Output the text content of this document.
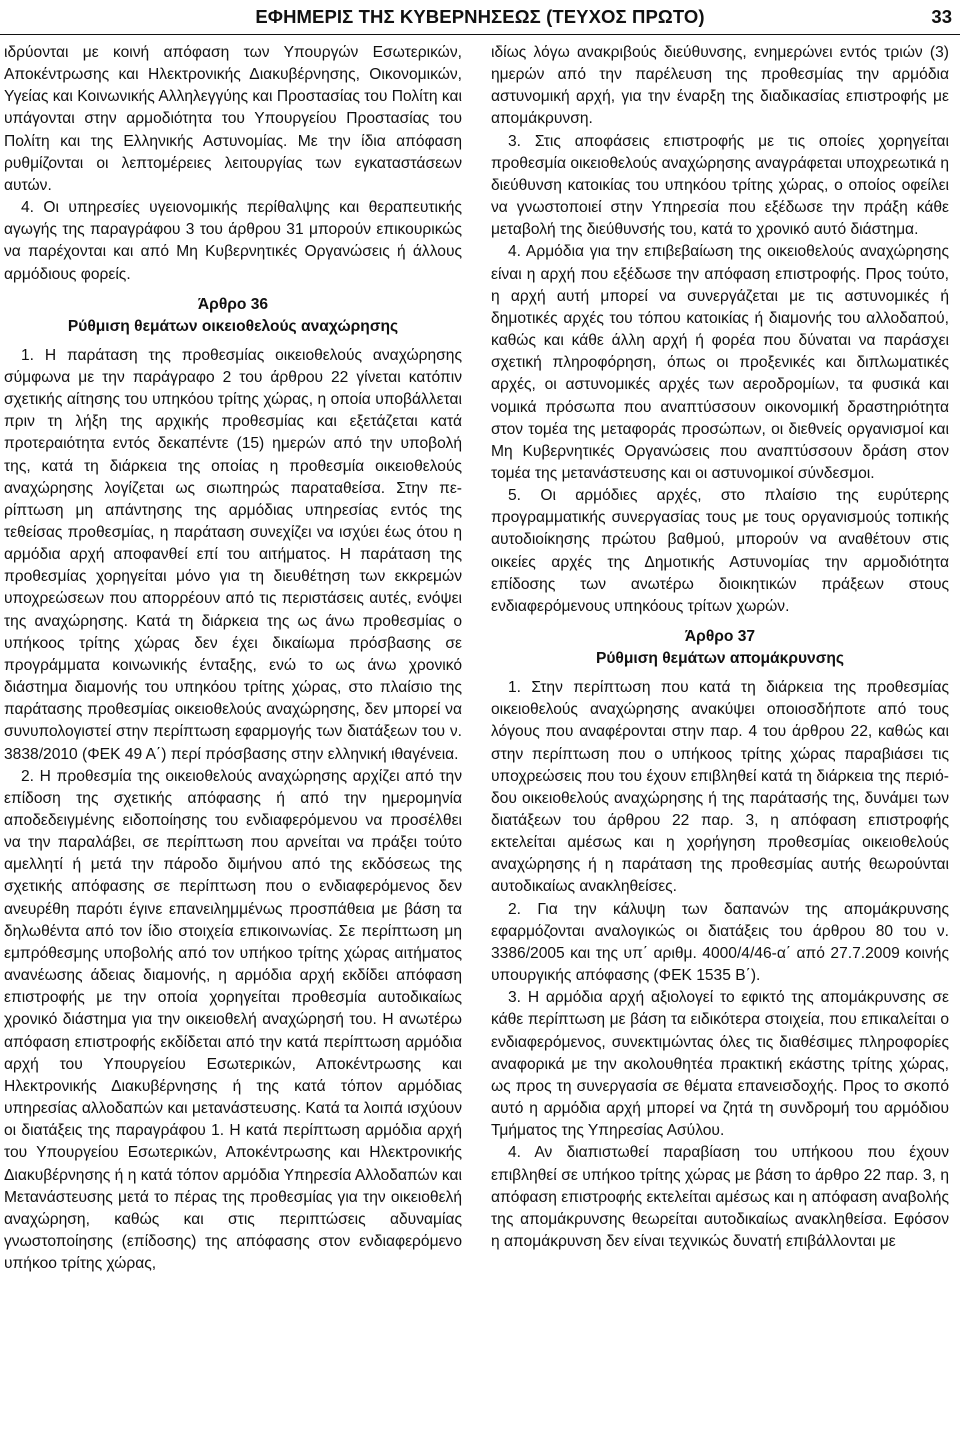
ΕΦΗΜΕΡΙΣ ΤΗΣ ΚΥΒΕΡΝΗΣΕΩΣ (ΤΕΥΧΟΣ ΠΡΩΤΟ)	33

ιδρύονται με κοινή απόφαση των Υπουργών Εσωτερικών, Αποκέντρωσης και Ηλεκτρονικής Διακυβέρνησης, Οικονομικών, Υγείας και Κοινωνικής Αλληλεγγύης και Προστασίας του Πολίτη και υπάγονται στην αρμοδιότητα του Υπουργείου Προστασίας του Πολίτη και της Ελληνικής Αστυνομίας. Με την ίδια απόφαση ρυθμίζονται οι λεπτομέρειες λειτουργίας των εγκαταστάσεων αυτών.

4. Οι υπηρεσίες υγειονομικής περίθαλψης και θεραπευτικής αγωγής της παραγράφου 3 του άρθρου 31 μπορούν επικουρικώς να παρέχονται και από Μη Κυβερνητικές Οργανώσεις ή άλλους αρμόδιους φορείς.

Άρθρο 36
Ρύθμιση θεμάτων οικειοθελούς αναχώρησης

1. Η παράταση της προθεσμίας οικειοθελούς αναχώρησης σύμφωνα με την παράγραφο 2 του άρθρου 22 γίνεται κατόπιν σχετικής αίτησης του υπηκόου τρίτης χώρας, η οποία υποβάλλεται πριν τη λήξη της αρχικής προθεσμίας και εξετάζεται κατά προτεραιότητα εντός δεκαπέντε (15) ημερών από την υποβολή της, κατά τη διάρκεια της οποίας η προθεσμία οικειοθελούς αναχώρησης λογίζεται ως σιωπηρώς παραταθείσα. Στην περίπτωση μη απάντησης της αρμόδιας υπηρεσίας εντός της τεθείσας προθεσμίας, η παράταση συνεχίζει να ισχύει έως ότου η αρμόδια αρχή αποφανθεί επί του αιτήματος. Η παράταση της προθεσμίας χορηγείται μόνο για τη διευθέτηση των εκκρεμών υποχρεώσεων που απορρέουν από τις περιστάσεις αυτές, ενόψει της αναχώρησης. Κατά τη διάρκεια της ως άνω προθεσμίας ο υπήκοος τρίτης χώρας δεν έχει δικαίωμα πρόσβασης σε προγράμματα κοινωνικής ένταξης, ενώ το ως άνω χρονικό διάστημα διαμονής του υπηκόου τρίτης χώρας, στο πλαίσιο της παράτασης προθεσμίας οικειοθελούς αναχώρησης, δεν μπορεί να συνυπολογιστεί στην περίπτωση εφαρμογής των διατάξεων του ν. 3838/2010 (ΦΕΚ 49 Α΄) περί πρόσβασης στην ελληνική ιθαγένεια.

2. Η προθεσμία της οικειοθελούς αναχώρησης αρχίζει από την επίδοση της σχετικής απόφασης ή από την ημερομηνία αποδεδειγμένης ειδοποίησης του ενδιαφερόμενου να προσέλθει να την παραλάβει, σε περίπτωση που αρνείται να πράξει τούτο αμελλητί ή μετά την πάροδο διμήνου από της εκδόσεως της σχετικής απόφασης σε περίπτωση που ο ενδιαφερόμενος δεν ανευρέθη παρότι έγινε επανειλημμένως προσπάθεια με βάση τα δηλωθέντα από τον ίδιο στοιχεία επικοινωνίας. Σε περίπτωση μη εμπρόθεσμης υποβολής από τον υπήκοο τρίτης χώρας αιτήματος ανανέωσης άδειας διαμονής, η αρμόδια αρχή εκδίδει απόφαση επιστροφής με την οποία χορηγείται προθεσμία αυτοδικαίως χρονικό διάστημα για την οικειοθελή αναχώρησή του. Η ανωτέρω απόφαση επιστροφής εκδίδεται από την κατά περίπτωση αρμόδια αρχή του Υπουργείου Εσωτερικών, Αποκέντρωσης και Ηλεκτρονικής Διακυβέρνησης ή της κατά τόπον αρμόδιας υπηρεσίας αλλοδαπών και μετανάστευσης. Κατά τα λοιπά ισχύουν οι διατάξεις της παραγράφου 1. Η κατά περίπτωση αρμόδια αρχή του Υπουργείου Εσωτερικών, Αποκέντρωσης και Ηλεκτρονικής Διακυβέρνησης ή η κατά τόπον αρμόδια Υπηρεσία Αλλοδαπών και Μετανάστευσης μετά το πέρας της προθεσμίας για την οικειοθελή αναχώρηση, καθώς και στις περιπτώσεις αδυναμίας γνωστοποίησης (επίδοσης) της απόφασης στον ενδιαφερόμενο υπήκοο τρίτης χώρας,

ιδίως λόγω ανακριβούς διεύθυνσης, ενημερώνει εντός τριών (3) ημερών από την παρέλευση της προθεσμίας την αρμόδια αστυνομική αρχή, για την έναρξη της διαδικασίας επιστροφής με απομάκρυνση.

3. Στις αποφάσεις επιστροφής με τις οποίες χορηγείται προθεσμία οικειοθελούς αναχώρησης αναγράφεται υποχρεωτικά η διεύθυνση κατοικίας του υπηκόου τρίτης χώρας, ο οποίος οφείλει να γνωστοποιεί στην Υπηρεσία που εξέδωσε την πράξη κάθε μεταβολή της διεύθυνσής του, κατά το χρονικό αυτό διάστημα.

4. Αρμόδια για την επιβεβαίωση της οικειοθελούς αναχώρησης είναι η αρχή που εξέδωσε την απόφαση επιστροφής. Προς τούτο, η αρχή αυτή μπορεί να συνεργάζεται με τις αστυνομικές ή δημοτικές αρχές του τόπου κατοικίας ή διαμονής του αλλοδαπού, καθώς και κάθε άλλη αρχή ή φορέα που δύναται να παράσχει σχετική πληροφόρηση, όπως οι προξενικές και διπλωματικές αρχές, οι αστυνομικές αρχές των αεροδρομίων, τα φυσικά και νομικά πρόσωπα που αναπτύσσουν οικονομική δραστηριότητα στον τομέα της μεταφοράς προσώπων, οι διεθνείς οργανισμοί και Μη Κυβερνητικές Οργανώσεις που αναπτύσσουν δράση στον τομέα της μετανάστευσης και οι αστυνομικοί σύνδεσμοι.

5. Οι αρμόδιες αρχές, στο πλαίσιο της ευρύτερης προγραμματικής συνεργασίας τους με τους οργανισμούς τοπικής αυτοδιοίκησης πρώτου βαθμού, μπορούν να αναθέτουν στις οικείες αρχές της Δημοτικής Αστυνομίας την αρμοδιότητα επίδοσης των ανωτέρω διοικητικών πράξεων στους ενδιαφερόμενους υπηκόους τρίτων χωρών.

Άρθρο 37
Ρύθμιση θεμάτων απομάκρυνσης

1. Στην περίπτωση που κατά τη διάρκεια της προθεσμίας οικειοθελούς αναχώρησης ανακύψει οποιοσδήποτε από τους λόγους που αναφέρονται στην παρ. 4 του άρθρου 22, καθώς και στην περίπτωση που ο υπήκοος τρίτης χώρας παραβιάσει τις υποχρεώσεις που του έχουν επιβληθεί κατά τη διάρκεια της περιόδου οικειοθελούς αναχώρησης ή της παράτασής της, δυνάμει των διατάξεων του άρθρου 22 παρ. 3, η απόφαση επιστροφής εκτελείται αμέσως και η χορήγηση προθεσμίας οικειοθελούς αναχώρησης ή η παράταση της προθεσμίας αυτής θεωρούνται αυτοδικαίως ανακληθείσες.

2. Για την κάλυψη των δαπανών της απομάκρυνσης εφαρμόζονται αναλογικώς οι διατάξεις του άρθρου 80 του ν. 3386/2005 και της υπ΄ αριθμ. 4000/4/46-α΄ από 27.7.2009 κοινής υπουργικής απόφασης (ΦΕΚ 1535 Β΄).

3. Η αρμόδια αρχή αξιολογεί το εφικτό της απομάκρυνσης σε κάθε περίπτωση με βάση τα ειδικότερα στοιχεία, που επικαλείται ο ενδιαφερόμενος, συνεκτιμώντας όλες τις διαθέσιμες πληροφορίες αναφορικά με την ακολουθητέα πρακτική εκάστης τρίτης χώρας, ως προς τη συνεργασία σε θέματα επανεισδοχής. Προς το σκοπό αυτό η αρμόδια αρχή μπορεί να ζητά τη συνδρομή του αρμόδιου Τμήματος της Υπηρεσίας Ασύλου.

4. Αν διαπιστωθεί παραβίαση του υπήκοου που έχουν επιβληθεί σε υπήκοο τρίτης χώρας με βάση το άρθρο 22 παρ. 3, η απόφαση επιστροφής εκτελείται αμέσως και η απόφαση αναβολής της απομάκρυνσης θεωρείται αυτοδικαίως ανακληθείσα. Εφόσον η απομάκρυνση δεν είναι τεχνικώς δυνατή επιβάλλονται με
